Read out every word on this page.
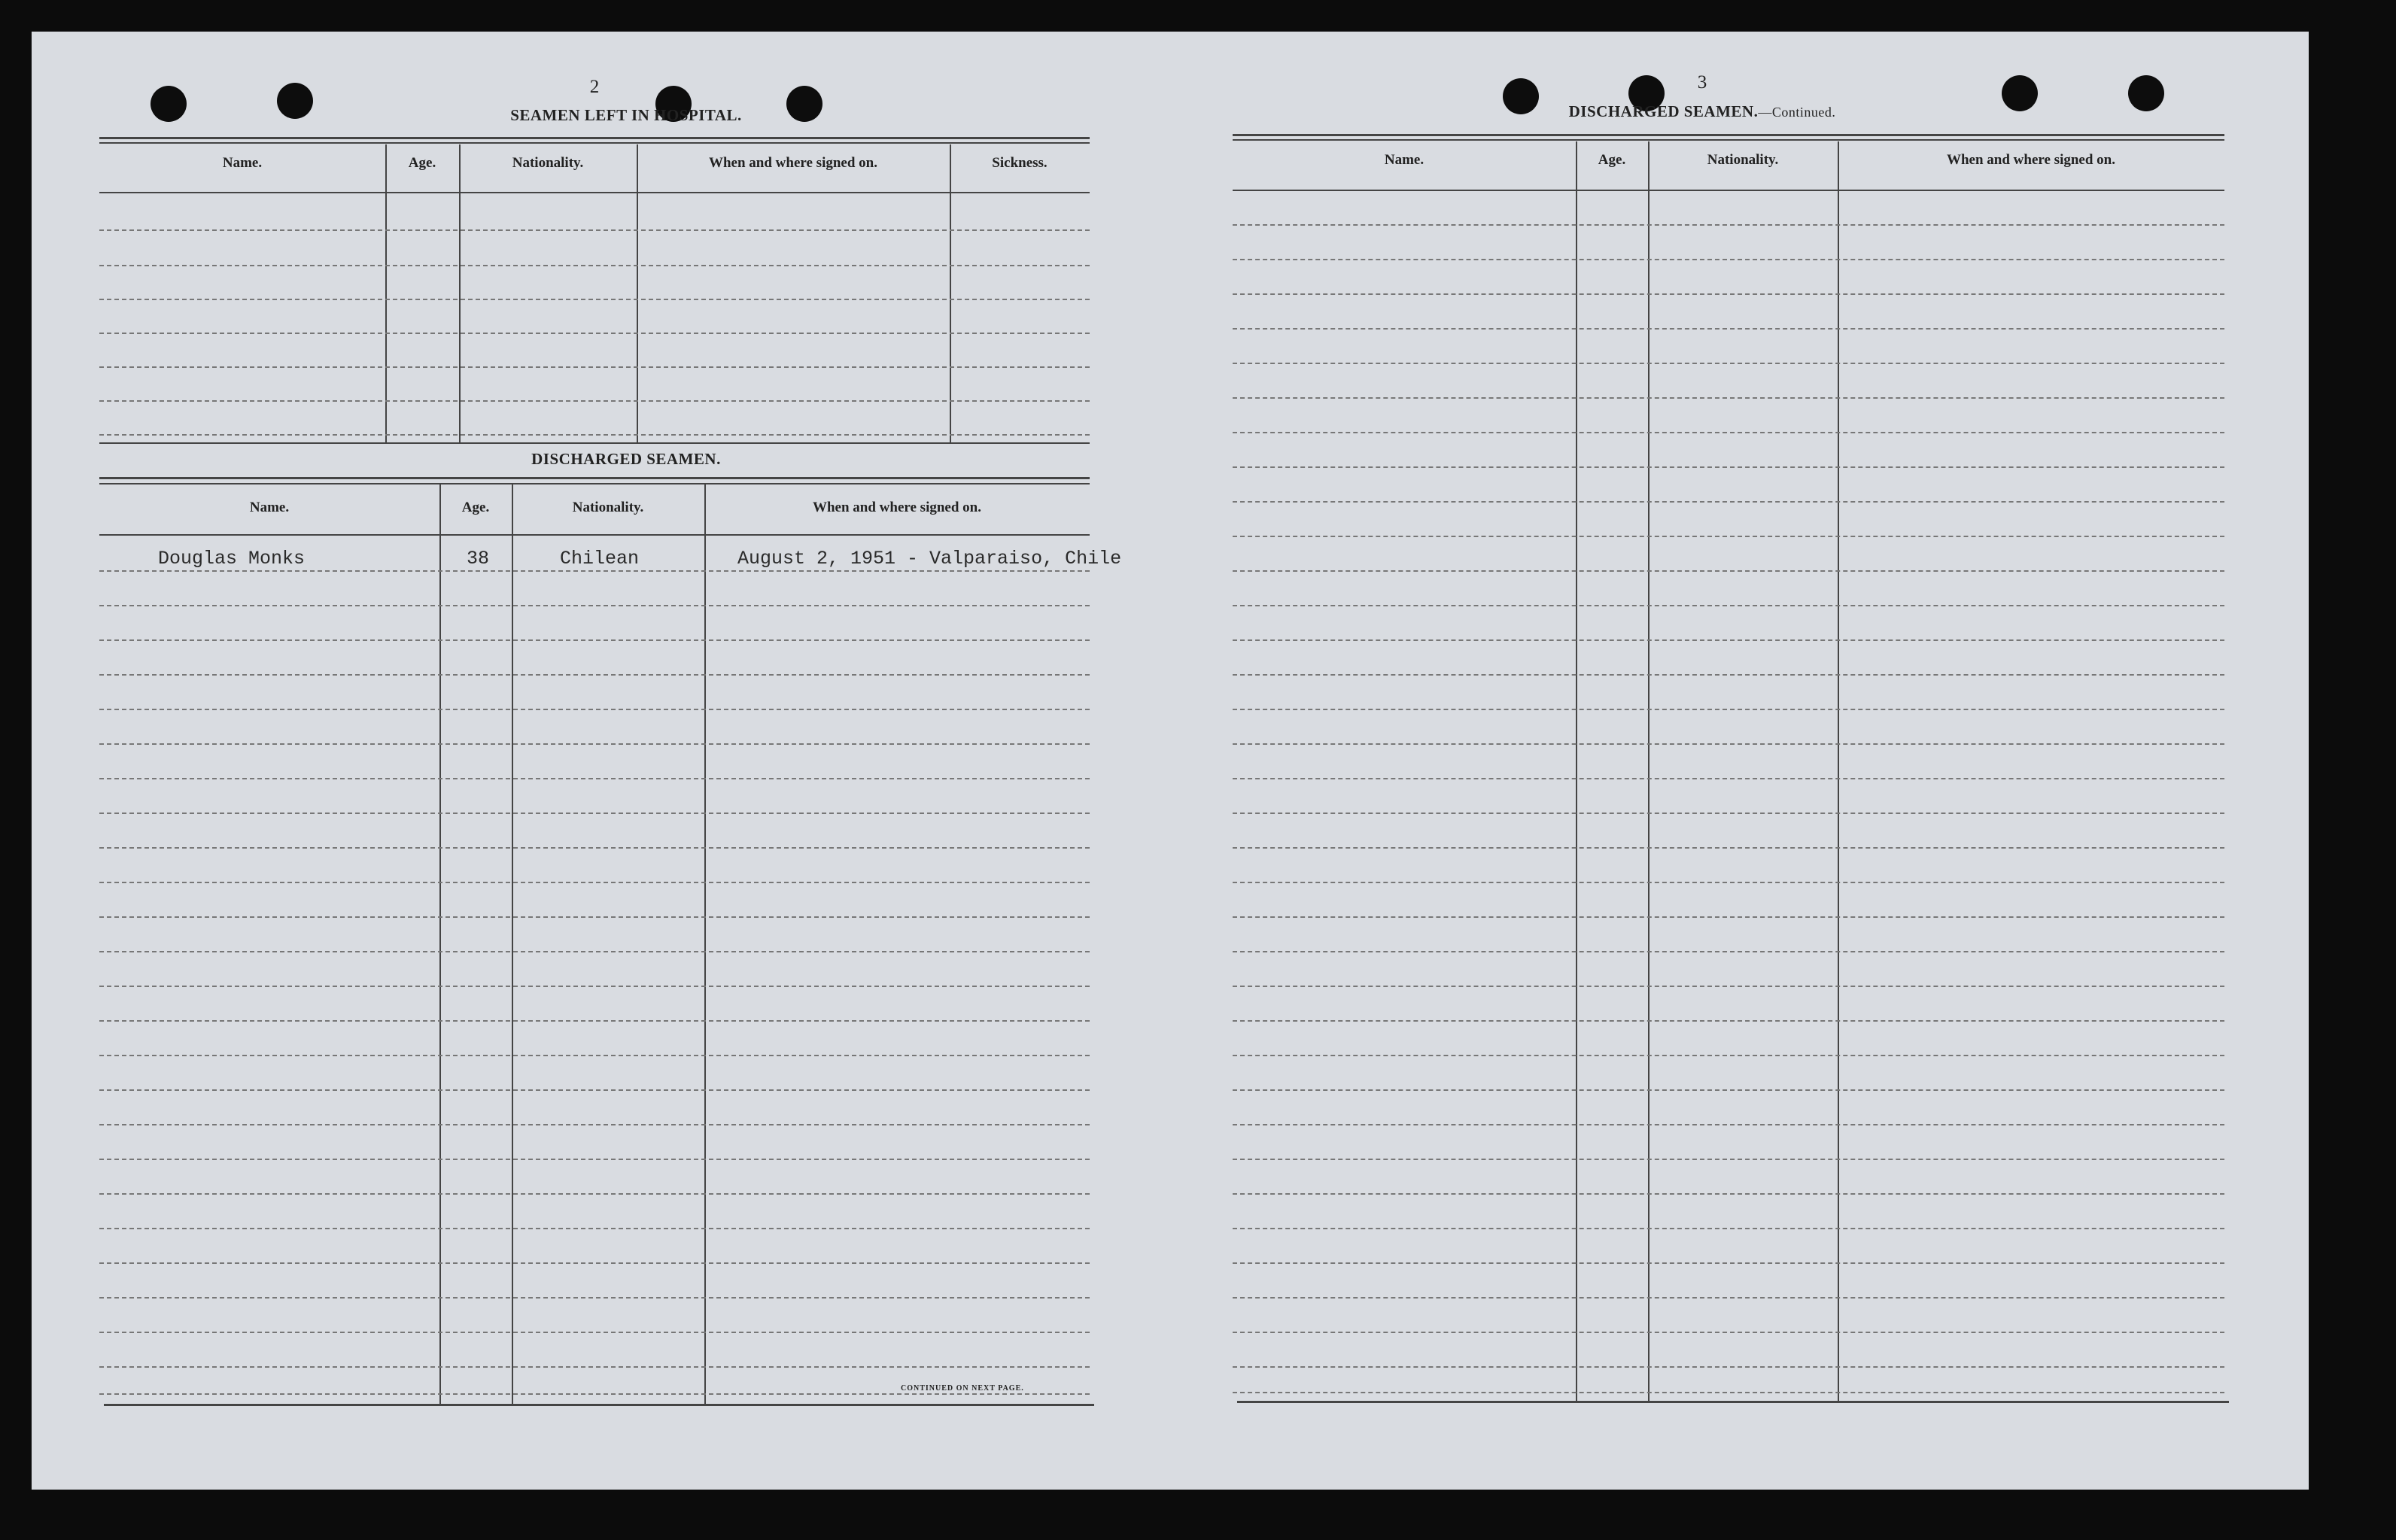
2
SEAMEN LEFT IN HOSPITAL.
Name.	Age.	Nationality.	When and where signed on.	Sickness.
DISCHARGED SEAMEN.
Name.	Age.	Nationality.	When and where signed on.
Douglas Monks	38	Chilean	August 2, 1951 - Valparaiso, Chile
CONTINUED ON NEXT PAGE.
3
DISCHARGED SEAMEN.—Continued.
Name.	Age.	Nationality.	When and where signed on.
